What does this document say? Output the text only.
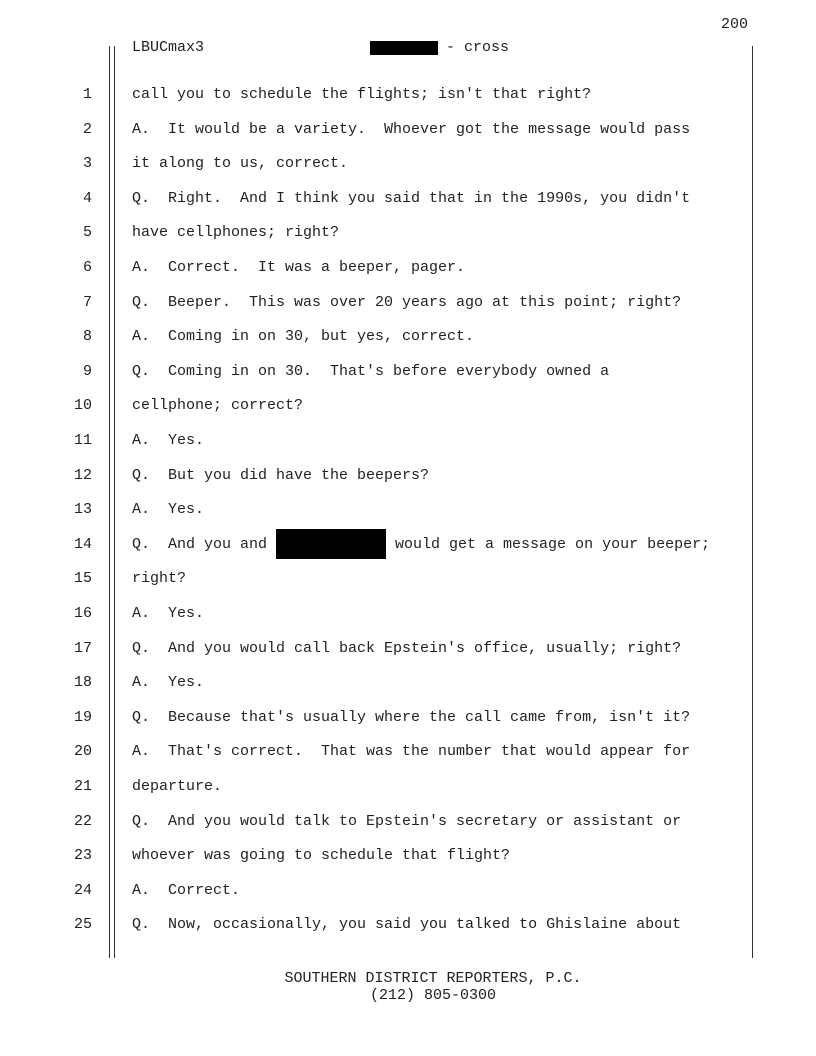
200
LBUCmax3	- cross
1	call you to schedule the flights; isn't that right?
2	A.  It would be a variety.  Whoever got the message would pass
3	it along to us, correct.
4	Q.  Right.  And I think you said that in the 1990s, you didn't
5	have cellphones; right?
6	A.  Correct.  It was a beeper, pager.
7	Q.  Beeper.  This was over 20 years ago at this point; right?
8	A.  Coming in on 30, but yes, correct.
9	Q.  Coming in on 30.  That's before everybody owned a
10	cellphone; correct?
11	A.  Yes.
12	Q.  But you did have the beepers?
13	A.  Yes.
14	Q.  And you and	would get a message on your beeper;
15	right?
16	A.  Yes.
17	Q.  And you would call back Epstein's office, usually; right?
18	A.  Yes.
19	Q.  Because that's usually where the call came from, isn't it?
20	A.  That's correct.  That was the number that would appear for
21	departure.
22	Q.  And you would talk to Epstein's secretary or assistant or
23	whoever was going to schedule that flight?
24	A.  Correct.
25	Q.  Now, occasionally, you said you talked to Ghislaine about
SOUTHERN DISTRICT REPORTERS, P.C.
(212) 805-0300
